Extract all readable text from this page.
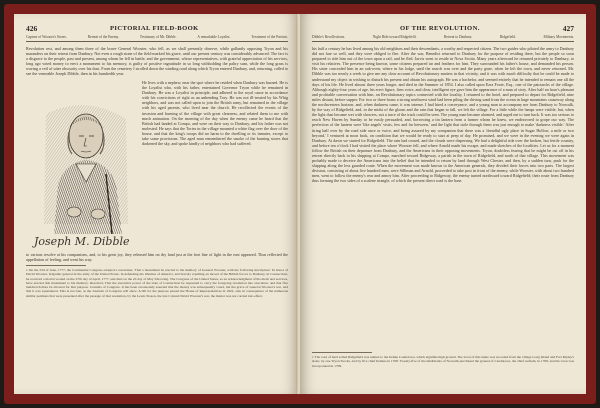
426	PICTORIAL FIELD-BOOK
Capture of Wooster's Stores.	Retreat of the Enemy.	Testimony of Mr. Dibble.	A remarkable Loyalist.	Treatment of the Patriots.
Revolution rest, and among them three of the brave General Wooster, who fell, as we shall presently observe, while gallantly opposing Tryon and his marauders on their retreat from Danbury. Not even a rough stone of the field marked his grave, until our present century was considerably advanced. The fact is a disgrace to the people, past and present, among whom he fell in battle; and the government, whose representatives, with grateful appreciation of his services, long ago voted money to erect a monument to his memory, is guilty of positive ingratitude in so long withholding the paltry sum, while the long grass is waving a veil of utter obscurity over his dust. From the cemetery I strolled down the winding road along which Tryon entered Danbury, and, returning, called to see the venerable Joseph Dibble, then in his hundredth year.
He lives with a nephew, near the spot where he resided when Danbury was burned. He is the Loyalist who, with his father, entertained Governor Tryon while he remained in Danbury. He was a Loyalist in principle, and adhered to the royal cause in accordance with his convictions of right as an unbending Tory. He was not ill-treated by his Whig neighbors, and was not called upon to join the British army, but remained in the village with his aged parents, who lived near the church. He recollected the events of the invasion and burning of the village with great clearness, and related them to me with much animation. On the morning of the day when the enemy came he heard that the British had landed at Compo, and were on their way to Danbury, and his father was not molested. He says that the Tories in the village mounted a white flag over the door of the house, and that the king's troops did no harm to the dwelling or its inmates, except to take some provisions. The aged man remembered the smoke of the burning stores that darkened the sky, and spoke kindly of neighbors who had suffered.
Joseph M. Dibble
to various resolve at his companions, and, to his great joy, they released him on dry land just at the foot line of light in the east appeared. Thus reflected the appellation of feeling, and went his way.
1 On the 23d of June, 1777, the Continental Congress adopted a resolution, 'That a monument be erected to the memory of General Wooster, with the following inscription.' In honor of David Wooster, brigadier general in the army of the United States. In defending the liberties of America, and bravely repelling an inroad of the British forces to Danbury, in Connecticut, he received a mortal wound on the 27th day of April, 1777, and died on the 2d day of May following. The Congress of the United States, as an acknowledgment of his merit and services, have erected this monument to his memory. Resolved, That the executive power of the state of Connecticut be requested to carry the foregoing resolution into execution, and that five hundred dollars be allowed for that purpose. Journals of Congress. It has been erroneously asserted that the money was subsequently voted, but the grave of General Wooster's son, and that it was squandered. This is not true, as the Journals of Congress will show. A bill for the purpose passed the House of Representatives in 1822, and, in consequence of the numerous similar petitions that were presented after the passage of that resolution, by the Lewis Sisson, the late Colonel David Wooster's son, the matter was not carried into effect.
OF THE REVOLUTION.	427
Dibble's Recollections.	Night Ride toward Ridgefield.	Retreat to Danbury.	Ridgefield.	Military Movements.
his half a century he has lived among his old neighbors and their descendants, a worthy and respected citizen. The two guides who piloted the army to Danbury did not fare so well, and they were obliged to flee. After the war, Benedict returned to Danbury for the purpose of residing there, but the people so soon prepared to ride him out of the town upon a rail, and he fled. Jarvis went to reside in Nova Scotia. Many years afterward he returned privately to Danbury, to visit his relatives. The presence being known, some citizens prepared tar and feathers for him. They surrounded his father's house, and demanded his person. His sister concealed him in an oak-oven, where in his lodge, until the search was over and the party gone, when he left the town, and never returned. Mr. Dibble was too nearly a week to give me any clear account of Revolutionary matters in that vicinity, and it was with much difficulty that he could be made to understand my object in wishing to disturb his present and obtain his autograph. He was a bachelor, and seemed entirely that he intended to remain one all the days of his life. He lived almost three years longer, and died in the Summer of 1854. I also called upon Ezra Foote, Esq., one of the patriarchs of the village. Although eighty-four years of age, his erect figure, firm voice, and clear, intelligent eye gave him the appearance of a man of sixty. After half an hour's pleasant and profitable conversation with him, on Revolutionary topics connected with the locality, I returned to the hotel, and prepared to depart for Ridgefield, nine miles distant, before supper. For two or three hours a strong northwest wind had been piling the driving sand from the ocean in huge mountains causeway along the northwestern horizon, and, when darkness came, it was intense. I had hired a conveyance, and a young man to accompany me from Danbury to Norwalk, by the way of Ridgefield, and, in the midst of the gloom and the rain that began to fall, we left the village. For a little while the lamps were visible, but, when the light dust became wet with showers, not a trace of the track could be seen. The young man became alarmed, and urged me to turn back. It was too serious to reach New Haven by Sunday to be easily persuaded, and, borrowing a tin lantern from a farmer whom he knew, we endeavored to grope our way. The perfection of the lantern were 'like angels' visits, few and far between,' and the light that stole through them was just enough to make 'darkness visible.' After tiring half over by the road side once or twice, and being assured by my companion that there was a 'dreadful ugly place in Sugar Hollow, a mile or two beyond,' I ventured at noon back, on condition that we would be ready to start at peep of day. He promised, and we were in the evening we were again in Danbury. At dawn we started for Ridgefield. The rain had ceased, and the clouds were dispersing. We had a delightful ride over the broken, but fertile country, and before ten o'clock I had visited the place where Wooster fell, and where Arnold made his escape, and made sketches of the localities. Let us for a moment follow the British on their departure from Danbury, and the Americans in their opposing movements. Tryon, doubtless fearing that he might be cut off in his retreat directly back to his shipping at Compo, marched toward Ridgeway, a parish in the town of Ridgefield, and north of that village. This movement was probably made to deceive the Americans into the belief that he intended to return by land through West Chester, and then, by a sudden turn, push for the shipping along the less guarded route. When the movement was made known to the American generals, they divided their forces into two parts. The largest division, consisting of about five hundred men, were Silliman and Arnold, proceeded to take post in front of the enemy, while Wooster, with about two hundred men, went to follow the enemy's rear and annoy him. After proceeding to Ridgeway, the enemy turned northward toward Ridgefield; their route from Danbury thus forming the two sides of a scalene triangle, of which the present direct road is the base.
1 The road of hard soiled Ridgefield was named to the Indian Caudatowa, which signifies high ground. The town of this name was recorded from the village Long Island and Fort Ripley's sister, by one Tryon Stocks, and by five chief Indians in 1708. Twenty-five of the inhabitants of Norwalk purchased the ground of Caudatowa, the chief sachem, in 1708, and the town was incorporated in 1709.
